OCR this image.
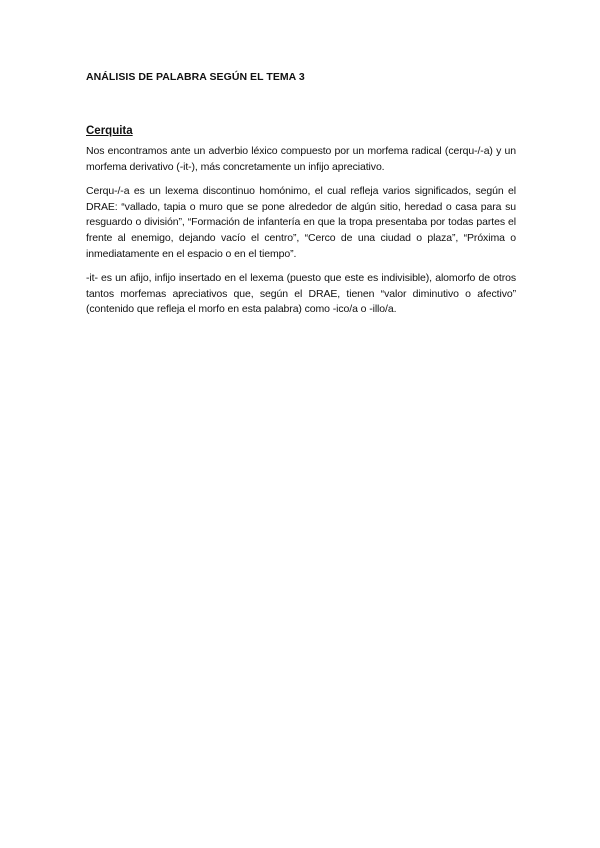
ANÁLISIS DE PALABRA SEGÚN EL TEMA 3
Cerquita

Nos encontramos ante un adverbio léxico compuesto por un morfema radical (cerqu-/-a) y un morfema derivativo (-it-), más concretamente un infijo apreciativo.

Cerqu-/-a es un lexema discontinuo homónimo, el cual refleja varios significados, según el DRAE: “vallado, tapia o muro que se pone alrededor de algún sitio, heredad o casa para su resguardo o división”, “Formación de infantería en que la tropa presentaba por todas partes el frente al enemigo, dejando vacío el centro”, “Cerco de una ciudad o plaza”, “Próxima o inmediatamente en el espacio o en el tiempo”.

-it- es un afijo, infijo insertado en el lexema (puesto que este es indivisible), alomorfo de otros tantos morfemas apreciativos que, según el DRAE, tienen “valor diminutivo o afectivo” (contenido que refleja el morfo en esta palabra) como -ico/a o -illo/a.
